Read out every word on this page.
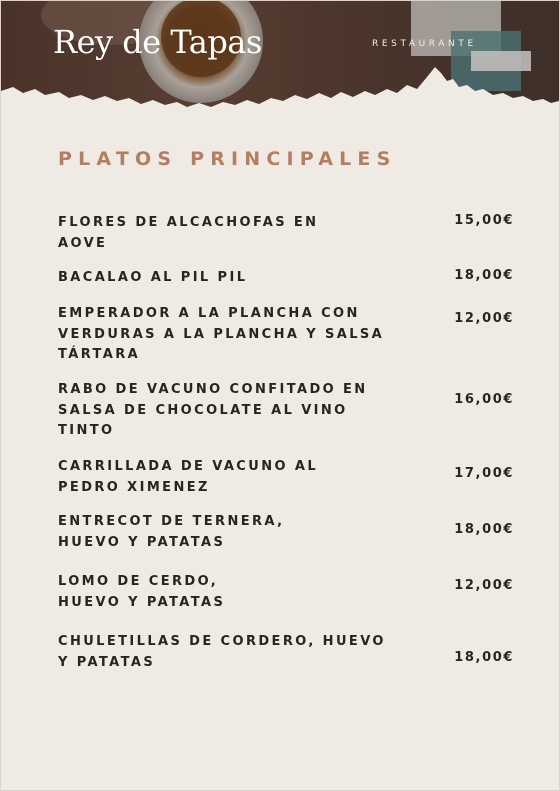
Rey de Tapas	RESTAURANTE
PLATOS PRINCIPALES
FLORES DE ALCACHOFAS EN
AOVE
15,00€
BACALAO AL PIL PIL	18,00€
EMPERADOR A LA PLANCHA CON
VERDURAS A LA PLANCHA Y SALSA
TÁRTARA
12,00€
RABO DE VACUNO CONFITADO EN
SALSA DE CHOCOLATE AL VINO
TINTO
16,00€
CARRILLADA DE VACUNO AL
PEDRO XIMENEZ
17,00€
ENTRECOT DE TERNERA,
HUEVO Y PATATAS
18,00€
LOMO DE CERDO,
HUEVO Y PATATAS
12,00€
CHULETILLAS DE CORDERO, HUEVO
Y PATATAS	18,00€
